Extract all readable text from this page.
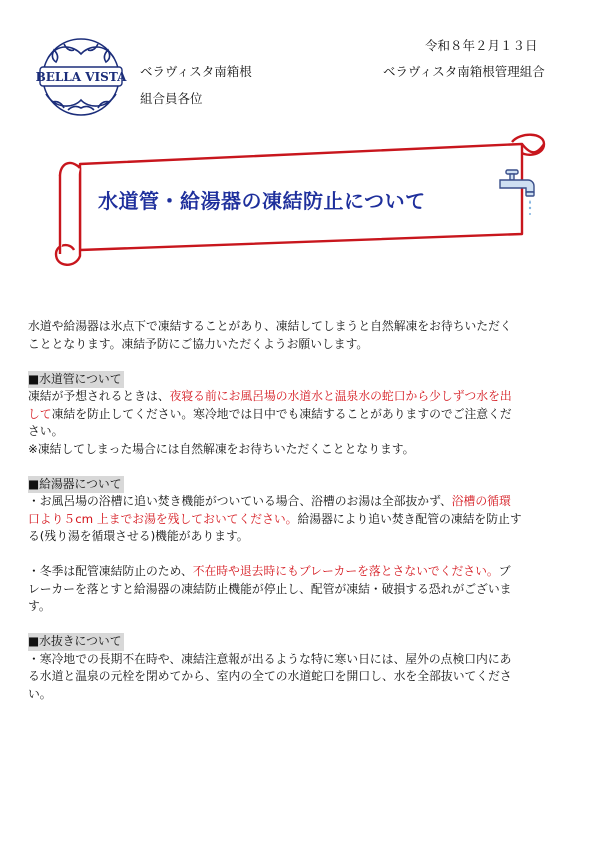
令和８年２月１３日
BELLA VISTA ベラヴィスタ南箱根
組合員各位
ベラヴィスタ南箱根管理組合
水道管・給湯器の凍結防止について

水道や給湯器は氷点下で凍結することがあり、凍結してしまうと自然解凍をお待ちいただく

こととなります。凍結予防にご協力いただくようお願いします。

■水道管について

凍結が予想されるときは、夜寝る前にお風呂場の水道水と温泉水の蛇口から少しずつ水を出

して凍結を防止してください。寒冷地では日中でも凍結することがありますのでご注意くだ

さい。

※凍結してしまった場合には自然解凍をお待ちいただくこととなります。

■給湯器について

・お風呂場の浴槽に追い焚き機能がついている場合、浴槽のお湯は全部抜かず、浴槽の循環

口より５cm 上までお湯を残しておいてください。給湯器により追い焚き配管の凍結を防止す

る(残り湯を循環させる)機能があります。

・冬季は配管凍結防止のため、不在時や退去時にもブレーカーを落とさないでください。ブ

レーカーを落とすと給湯器の凍結防止機能が停止し、配管が凍結・破損する恐れがございま

す。

■水抜きについて

・寒冷地での長期不在時や、凍結注意報が出るような特に寒い日には、屋外の点検口内にあ

る水道と温泉の元栓を閉めてから、室内の全ての水道蛇口を開口し、水を全部抜いてくださ

い。
